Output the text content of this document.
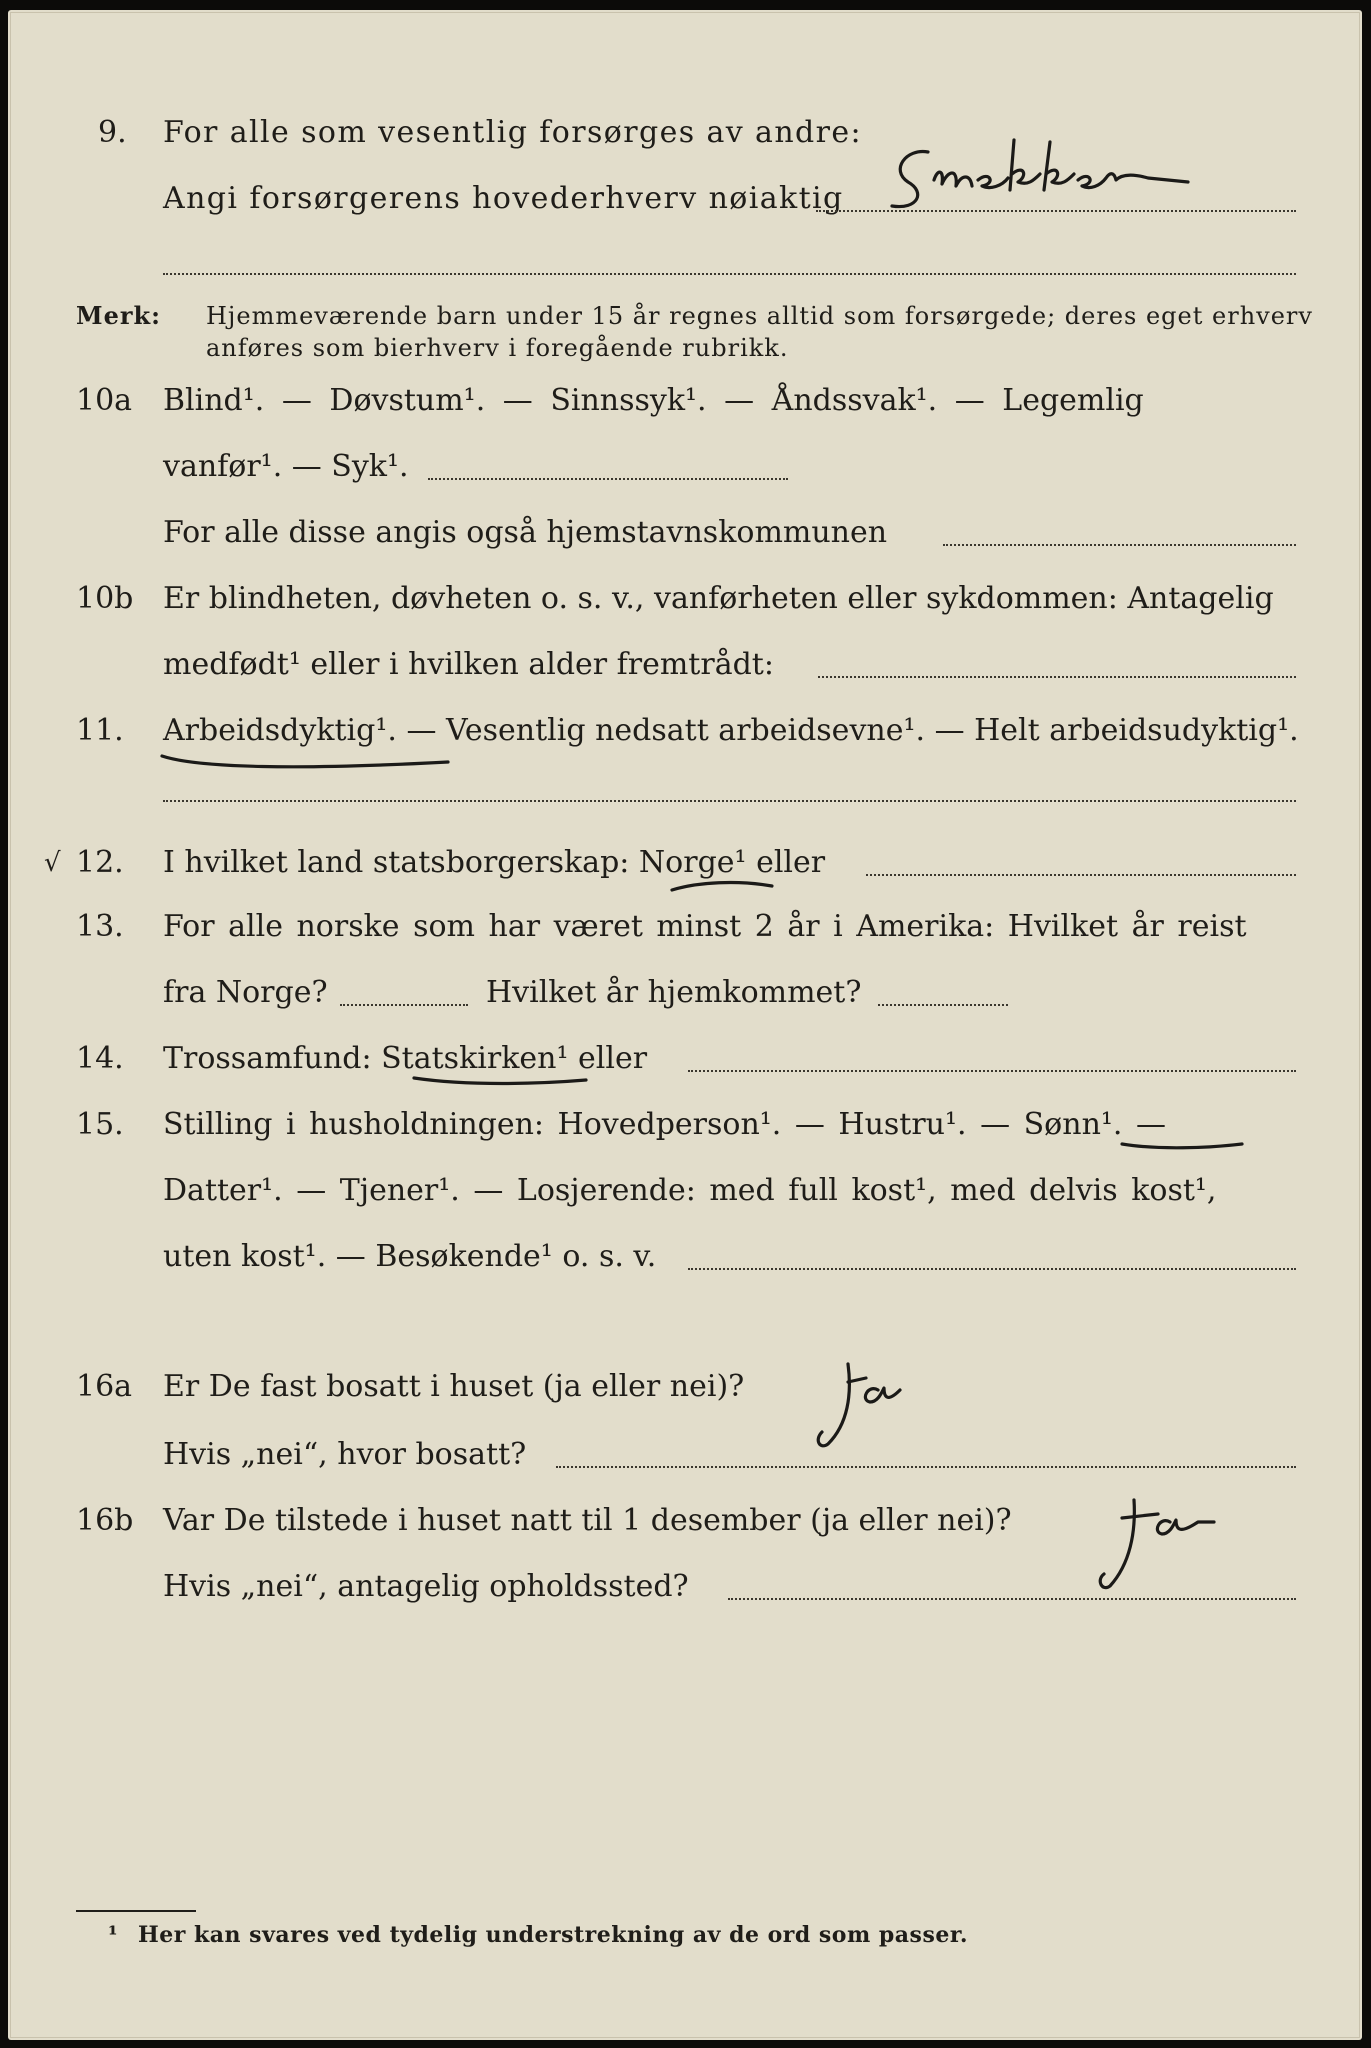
9. For alle som vesentlig forsørges av andre:
Angi forsørgerens hovederhverv nøiaktig
Merk: Hjemmeværende barn under 15 år regnes alltid som forsørgede; deres eget erhverv
anføres som bierhverv i foregående rubrikk.
10a Blind¹. — Døvstum¹. — Sinnssyk¹. — Åndssvak¹. — Legemlig
vanfør¹. — Syk¹.
For alle disse angis også hjemstavnskommunen
10b Er blindheten, døvheten o. s. v., vanførheten eller sykdommen: Antagelig
medfødt¹ eller i hvilken alder fremtrådt:
11. Arbeidsdyktig¹. — Vesentlig nedsatt arbeidsevne¹. — Helt arbeidsudyktig¹.
√ 12. I hvilket land statsborgerskap: Norge¹ eller
13. For alle norske som har været minst 2 år i Amerika: Hvilket år reist
fra Norge?	Hvilket år hjemkommet?
14. Trossamfund: Statskirken¹ eller
15. Stilling i husholdningen: Hovedperson¹. — Hustru¹. — Sønn¹. —
Datter¹. — Tjener¹. — Losjerende: med full kost¹, med delvis kost¹,
uten kost¹. — Besøkende¹ o. s. v.
16a Er De fast bosatt i huset (ja eller nei)?
Hvis „nei“, hvor bosatt?
16b Var De tilstede i huset natt til 1 desember (ja eller nei)?
Hvis „nei“, antagelig opholdssted?
¹ Her kan svares ved tydelig understrekning av de ord som passer.
